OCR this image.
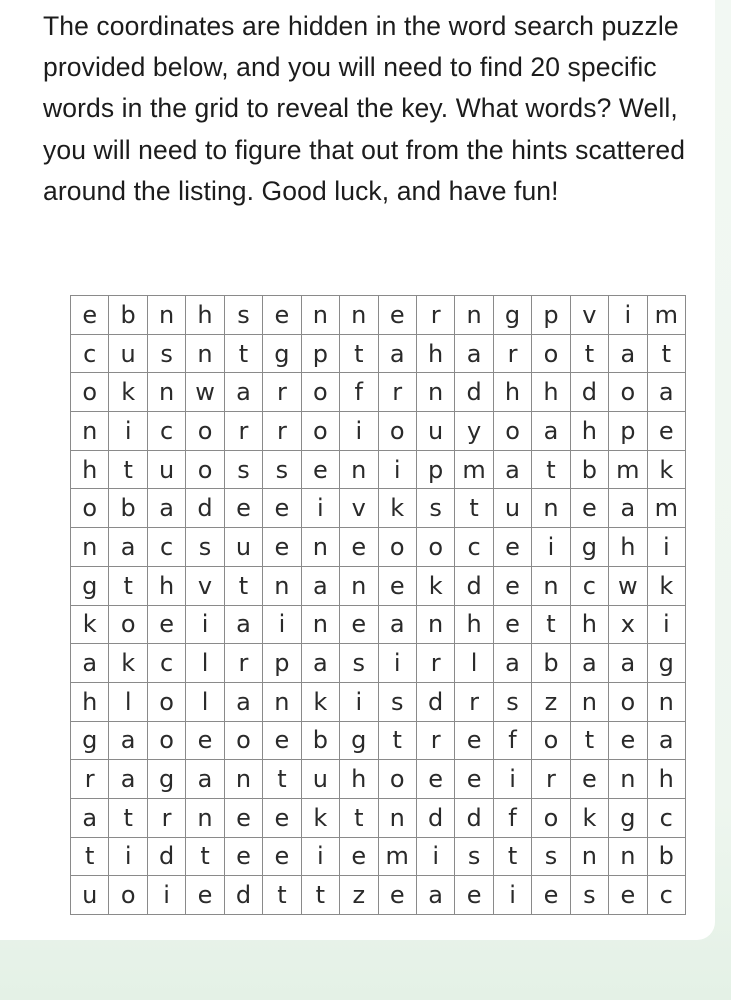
The coordinates are hidden in the word search puzzle provided below, and you will need to find 20 specific words in the grid to reveal the key. What words? Well, you will need to figure that out from the hints scattered around the listing. Good luck, and have fun!

e	b	n	h	s	e	n	n	e	r	n	g	p	v	i	m
c	u	s	n	t	g	p	t	a	h	a	r	o	t	a	t
o	k	n	w	a	r	o	f	r	n	d	h	h	d	o	a
n	i	c	o	r	r	o	i	o	u	y	o	a	h	p	e
h	t	u	o	s	s	e	n	i	p	m	a	t	b	m	k
o	b	a	d	e	e	i	v	k	s	t	u	n	e	a	m
n	a	c	s	u	e	n	e	o	o	c	e	i	g	h	i
g	t	h	v	t	n	a	n	e	k	d	e	n	c	w	k
k	o	e	i	a	i	n	e	a	n	h	e	t	h	x	i
a	k	c	l	r	p	a	s	i	r	l	a	b	a	a	g
h	l	o	l	a	n	k	i	s	d	r	s	z	n	o	n
g	a	o	e	o	e	b	g	t	r	e	f	o	t	e	a
r	a	g	a	n	t	u	h	o	e	e	i	r	e	n	h
a	t	r	n	e	e	k	t	n	d	d	f	o	k	g	c
t	i	d	t	e	e	i	e	m	i	s	t	s	n	n	b
u	o	i	e	d	t	t	z	e	a	e	i	e	s	e	c
